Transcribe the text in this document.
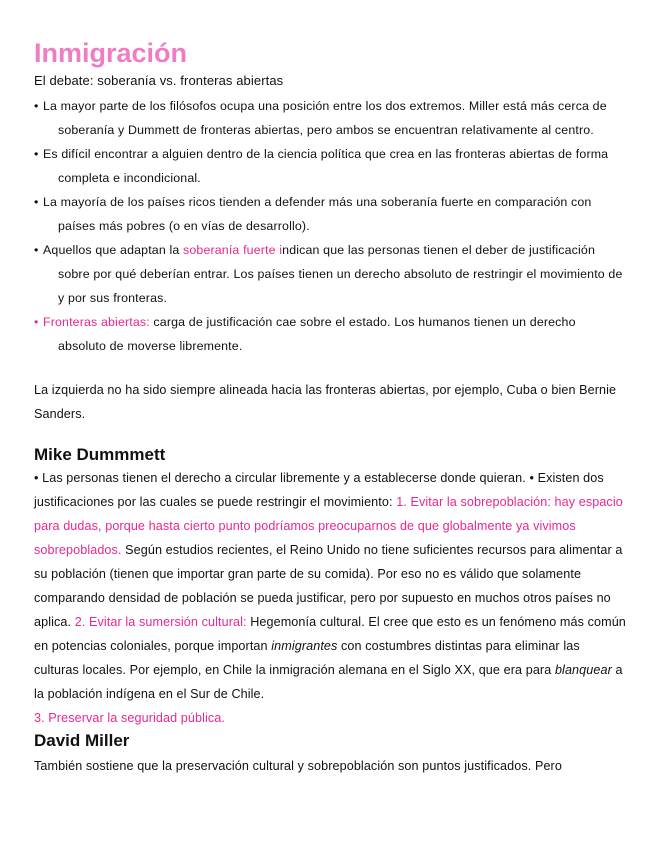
Inmigración
El debate: soberanía vs. fronteras abiertas
• La mayor parte de los filósofos ocupa una posición entre los dos extremos. Miller está más cerca de soberanía y Dummett de fronteras abiertas, pero ambos se encuentran relativamente al centro.
• Es difícil encontrar a alguien dentro de la ciencia política que crea en las fronteras abiertas de forma completa e incondicional.
• La mayoría de los países ricos tienden a defender más una soberanía fuerte en comparación con países más pobres (o en vías de desarrollo).
• Aquellos que adaptan la soberanía fuerte indican que las personas tienen el deber de justificación sobre por qué deberían entrar. Los países tienen un derecho absoluto de restringir el movimiento de y por sus fronteras.
• Fronteras abiertas: carga de justificación cae sobre el estado. Los humanos tienen un derecho absoluto de moverse libremente.
La izquierda no ha sido siempre alineada hacia las fronteras abiertas, por ejemplo, Cuba o bien Bernie Sanders.
Mike Dummmett
• Las personas tienen el derecho a circular libremente y a establecerse donde quieran. • Existen dos justificaciones por las cuales se puede restringir el movimiento: 1. Evitar la sobrepoblación: hay espacio para dudas, porque hasta cierto punto podríamos preocuparnos de que globalmente ya vivimos sobrepoblados. Según estudios recientes, el Reino Unido no tiene suficientes recursos para alimentar a su población (tienen que importar gran parte de su comida). Por eso no es válido que solamente comparando densidad de población se pueda justificar, pero por supuesto en muchos otros países no aplica. 2. Evitar la sumersión cultural: Hegemonía cultural. El cree que esto es un fenómeno más común en potencias coloniales, porque importan inmigrantes con costumbres distintas para eliminar las culturas locales. Por ejemplo, en Chile la inmigración alemana en el Siglo XX, que era para blanquear a la población indígena en el Sur de Chile.
3. Preservar la seguridad pública.
David Miller
También sostiene que la preservación cultural y sobrepoblación son puntos justificados. Pero
